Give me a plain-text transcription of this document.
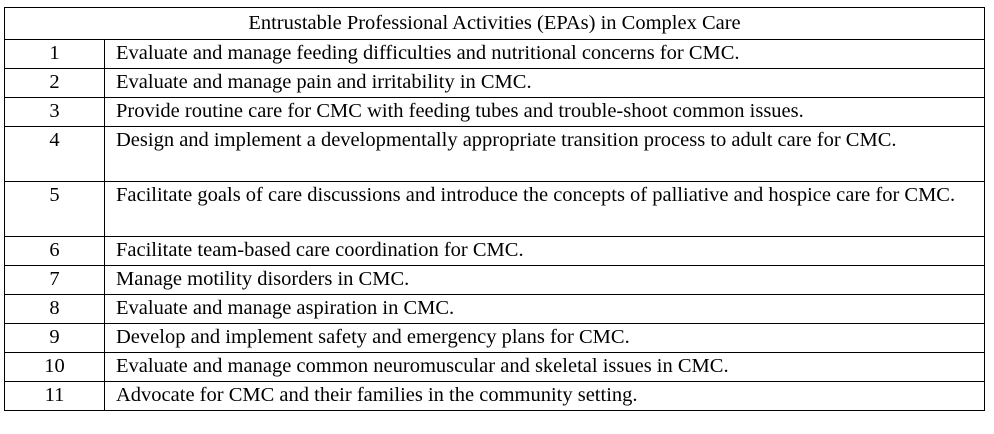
Entrustable Professional Activities (EPAs) in Complex Care	
1	Evaluate and manage feeding difficulties and nutritional concerns for CMC.
2	Evaluate and manage pain and irritability in CMC.
3	Provide routine care for CMC with feeding tubes and trouble-shoot common issues.
4	Design and implement a developmentally appropriate transition process to adult care for CMC.
5	Facilitate goals of care discussions and introduce the concepts of palliative and hospice care for CMC.
6	Facilitate team-based care coordination for CMC.
7	Manage motility disorders in CMC.
8	Evaluate and manage aspiration in CMC.
9	Develop and implement safety and emergency plans for CMC.
10	Evaluate and manage common neuromuscular and skeletal issues in CMC.
11	Advocate for CMC and their families in the community setting.
